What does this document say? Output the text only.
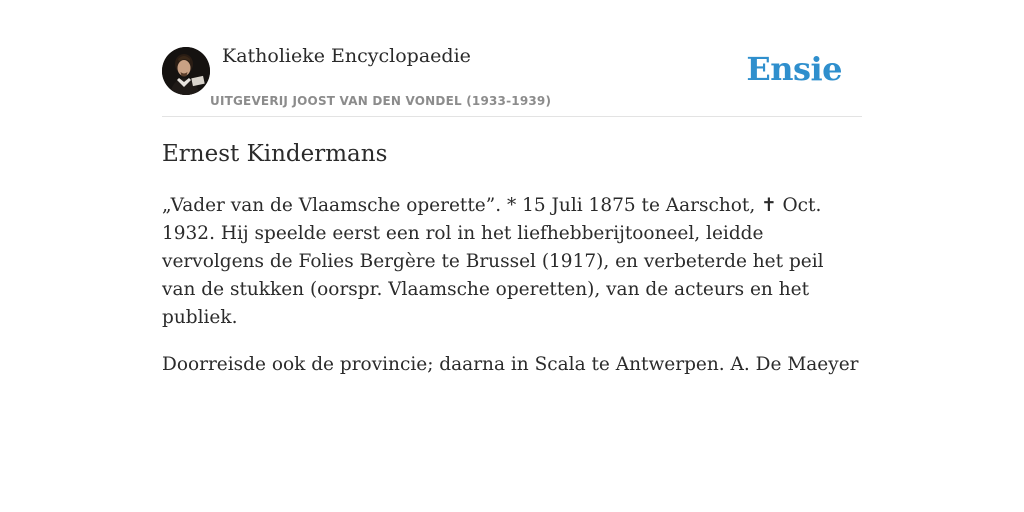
Katholieke Encyclopaedie
UITGEVERIJ JOOST VAN DEN VONDEL (1933-1939)
Ensie
Ernest Kindermans

„Vader van de Vlaamsche operette”. * 15 Juli 1875 te Aarschot, ✝ Oct. 1932. Hij speelde eerst een rol in het liefhebberijtooneel, leidde vervolgens de Folies Bergère te Brussel (1917), en verbeterde het peil van de stukken (oorspr. Vlaamsche operetten), van de acteurs en het publiek.

Doorreisde ook de provincie; daarna in Scala te Antwerpen. A. De Maeyer
